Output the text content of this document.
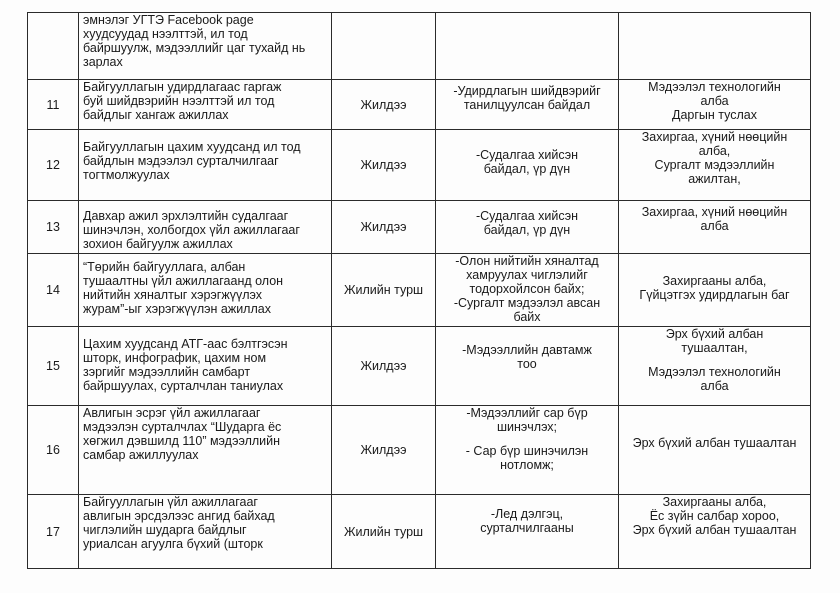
	эмнэлэг УГТЭ Facebook page
хуудсуудад нээлттэй, ил тод
байршуулж, мэдээллийг цаг тухайд нь
зарлах			

11	Байгууллагын удирдлагаас гаргаж
буй шийдвэрийн нээлттэй ил тод
байдлыг хангаж ажиллах	Жилдээ	-Удирдлагын шийдвэрийг
танилцуулсан байдал	Мэдээлэл технологийн
алба
Даргын туслах

12	Байгууллагын цахим хуудсанд ил тод
байдлын мэдээлэл сурталчилгааг
тогтмолжуулах	Жилдээ	-Судалгаа хийсэн
байдал, үр дүн	Захиргаа, хүний нөөцийн
алба,
Сургалт мэдээллийн
ажилтан,

13	Давхар ажил эрхлэлтийн судалгааг
шинэчлэн, холбогдох үйл ажиллагааг
зохион байгуулж ажиллах	Жилдээ	-Судалгаа хийсэн
байдал, үр дүн	Захиргаа, хүний нөөцийн
алба

14	“Төрийн байгууллага, албан
тушаалтны үйл ажиллагаанд олон
нийтийн хяналтыг хэрэгжүүлэх
журам”-ыг хэрэгжүүлэн ажиллах	Жилийн турш	-Олон нийтийн хяналтад
хамруулах чиглэлийг
тодорхойлсон байх;
-Сургалт мэдээлэл авсан
байх	Захиргааны алба,
Гүйцэтгэх удирдлагын баг

15	Цахим хуудсанд АТГ-аас бэлтгэсэн
шторк, инфографик, цахим ном
зэргийг мэдээллийн самбарт
байршуулах, сурталчлан таниулах	Жилдээ	-Мэдээллийн давтамж
тоо	Эрх бүхий албан
тушаалтан,
Мэдээлэл технологийн
алба

16	Авлигын эсрэг үйл ажиллагааг
мэдээлэн сурталчлах “Шударга ёс
хөгжил дэвшилд 110” мэдээллийн
самбар ажиллуулах	Жилдээ	-Мэдээллийг сар бүр
шинэчлэх;
- Сар бүр шинэчилэн
нотломж;	Эрх бүхий албан тушаалтан

17	Байгууллагын үйл ажиллагааг
авлигын эрсдэлээс ангид байхад
чиглэлийн шударга байдлыг
уриалсан агуулга бүхий (шторк	Жилийн турш	-Лед дэлгэц,
сурталчилгааны	Захиргааны алба,
Ёс зүйн салбар хороо,
Эрх бүхий албан тушаалтан
